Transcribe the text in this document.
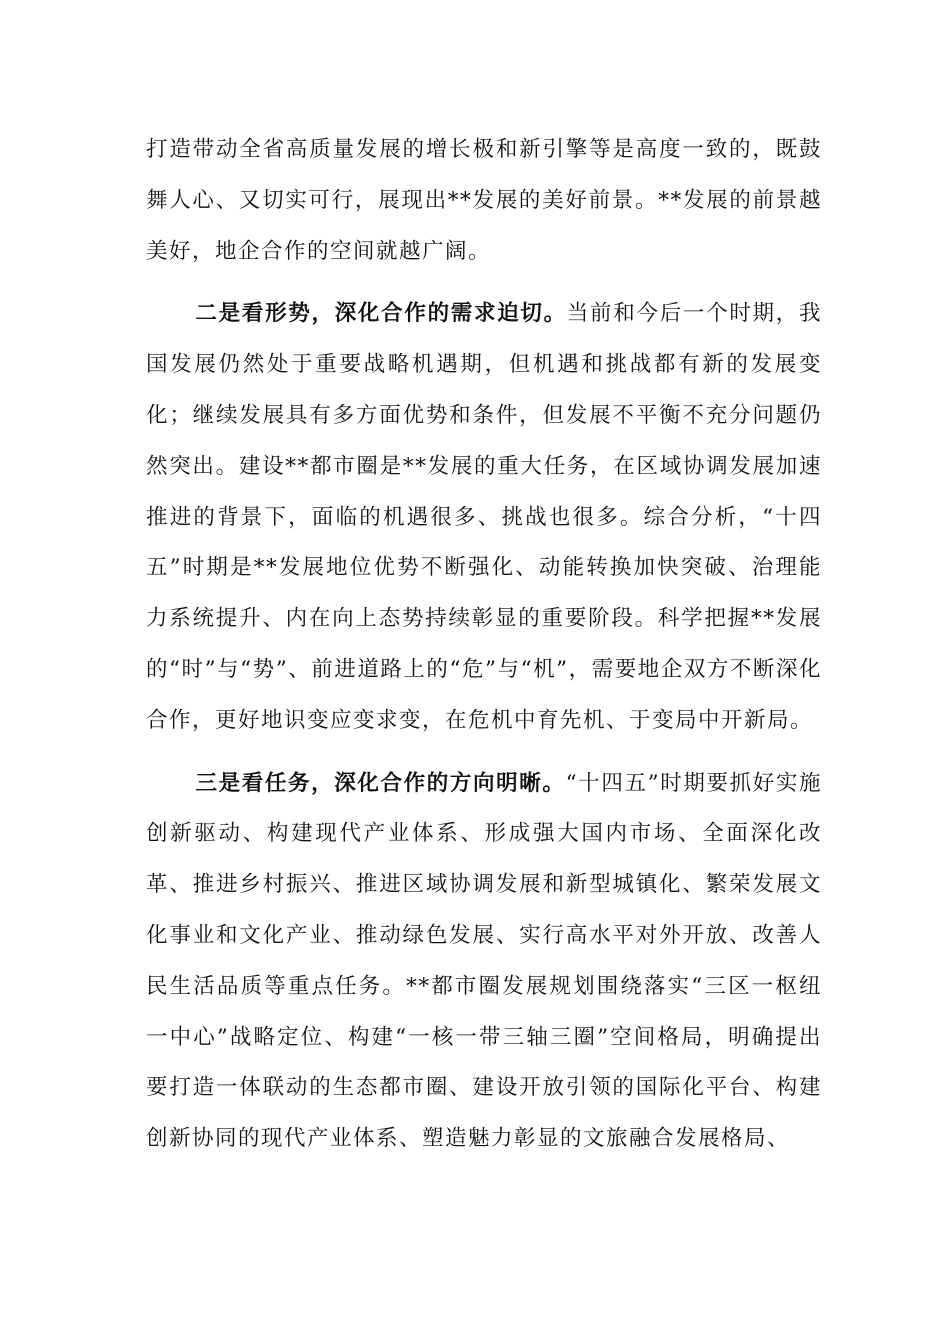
打造带动全省高质量发展的增长极和新引擎等是高度一致的，既鼓舞人心、又切实可行，展现出**发展的美好前景。**发展的前景越美好，地企合作的空间就越广阔。

二是看形势，深化合作的需求迫切。当前和今后一个时期，我国发展仍然处于重要战略机遇期，但机遇和挑战都有新的发展变化；继续发展具有多方面优势和条件，但发展不平衡不充分问题仍然突出。建设**都市圈是**发展的重大任务，在区域协调发展加速推进的背景下，面临的机遇很多、挑战也很多。综合分析，“十四五”时期是**发展地位优势不断强化、动能转换加快突破、治理能力系统提升、内在向上态势持续彰显的重要阶段。科学把握**发展的“时”与“势”、前进道路上的“危”与“机”，需要地企双方不断深化合作，更好地识变应变求变，在危机中育先机、于变局中开新局。

三是看任务，深化合作的方向明晰。“十四五”时期要抓好实施创新驱动、构建现代产业体系、形成强大国内市场、全面深化改革、推进乡村振兴、推进区域协调发展和新型城镇化、繁荣发展文化事业和文化产业、推动绿色发展、实行高水平对外开放、改善人民生活品质等重点任务。**都市圈发展规划围绕落实“三区一枢纽一中心”战略定位、构建“一核一带三轴三圈”空间格局，明确提出要打造一体联动的生态都市圈、建设开放引领的国际化平台、构建创新协同的现代产业体系、塑造魅力彰显的文旅融合发展格局、
